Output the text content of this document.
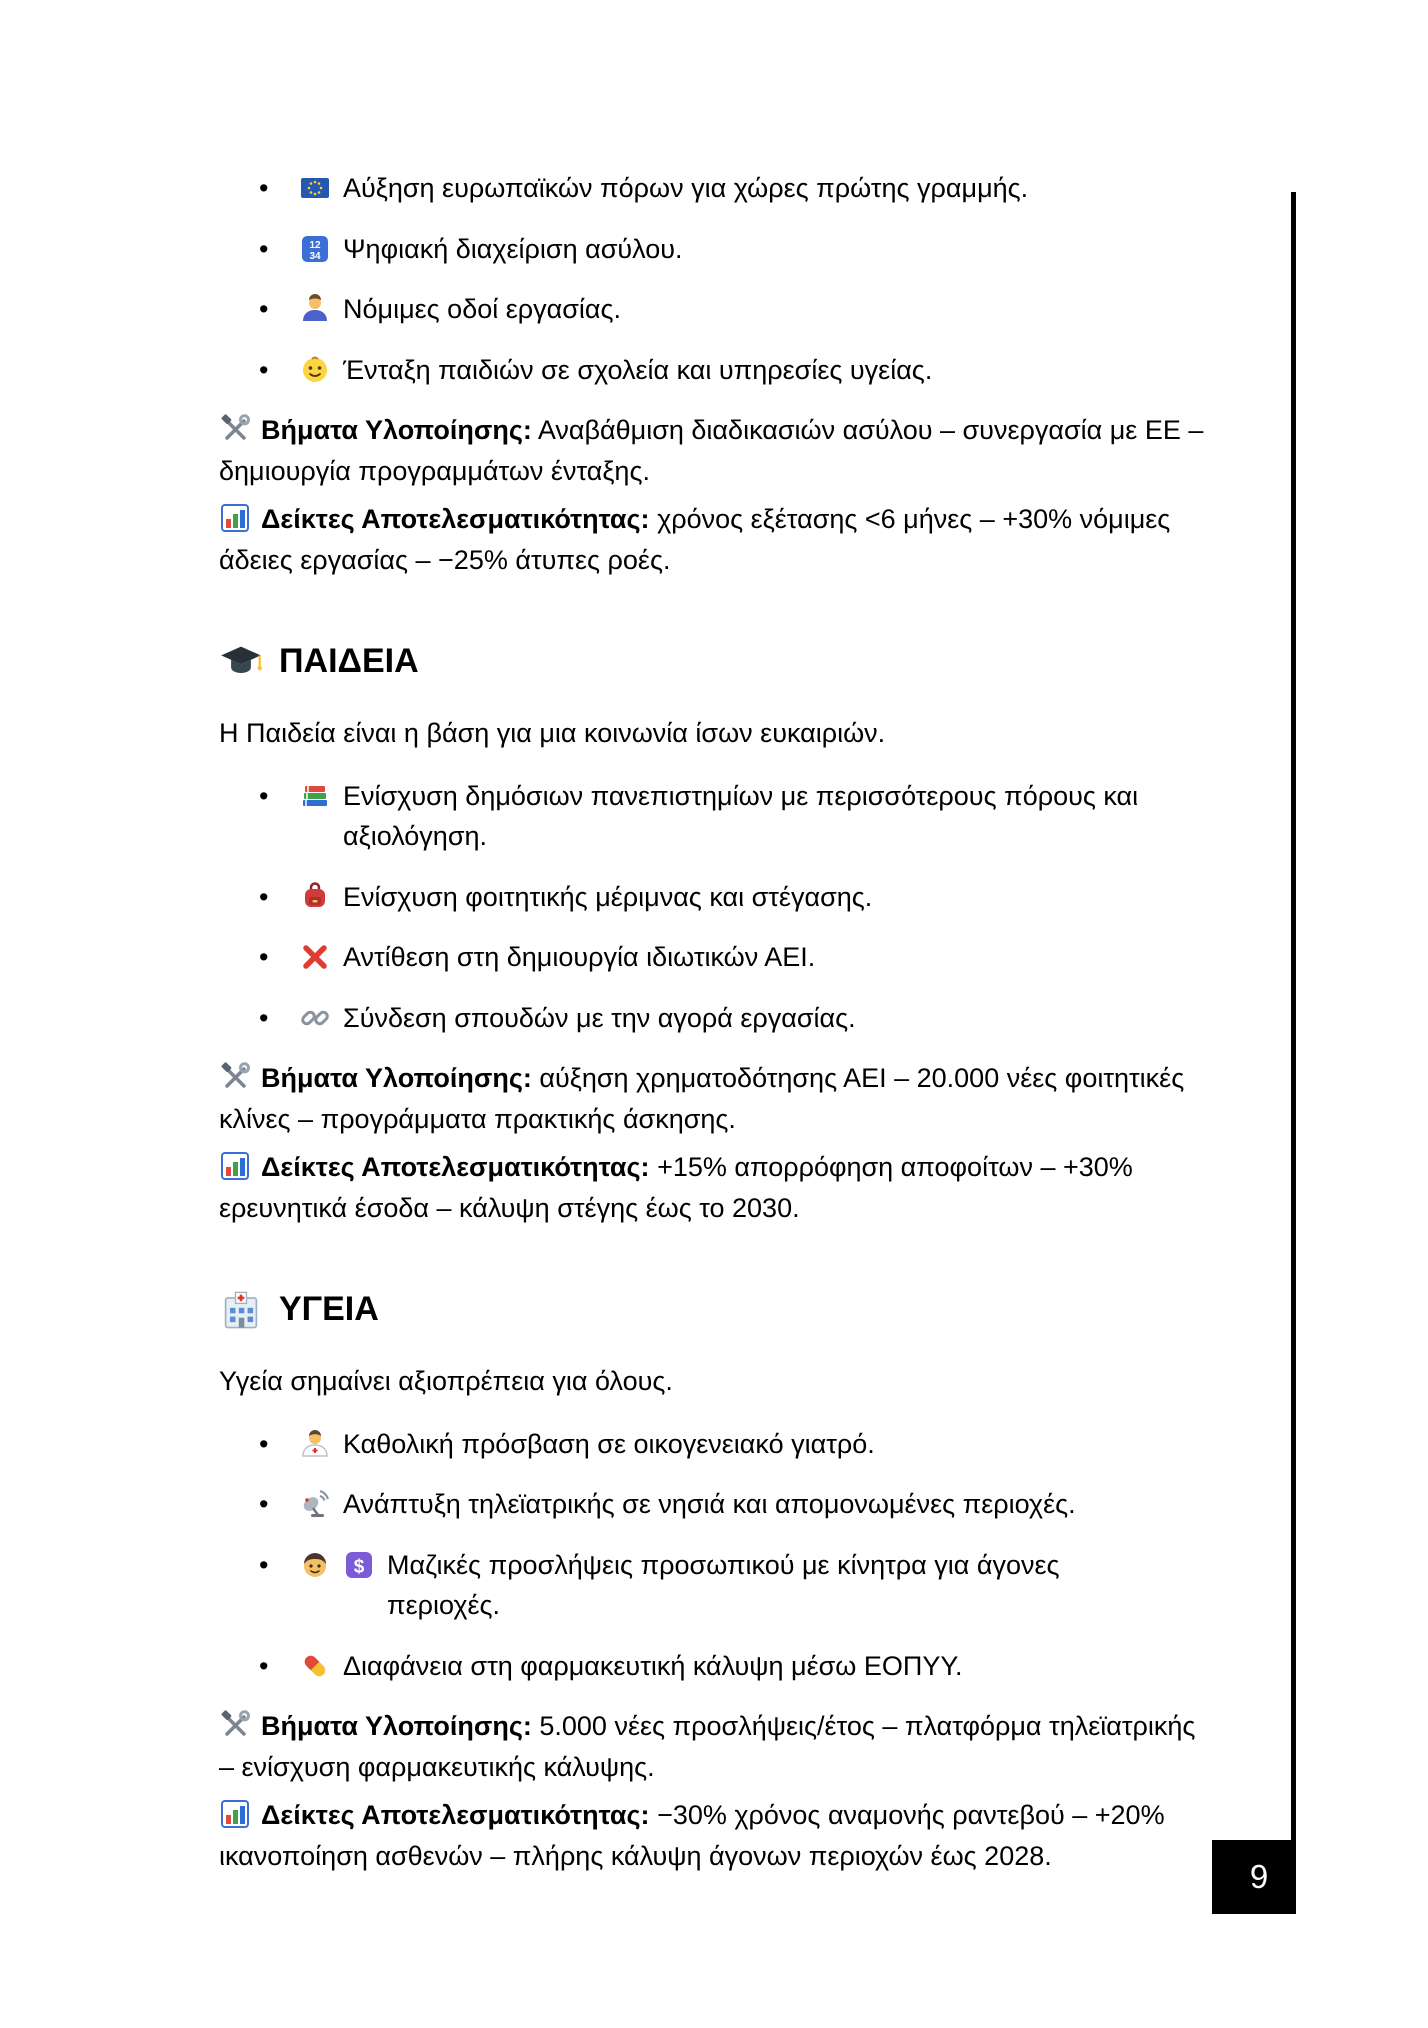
•
Αύξηση ευρωπαϊκών πόρων για χώρες πρώτης γραμμής.
•
12
34 Ψηφιακή διαχείριση ασύλου.
•
Νόμιμες οδοί εργασίας.
•
Ένταξη παιδιών σε σχολεία και υπηρεσίες υγείας.

Βήματα Υλοποίησης: Αναβάθμιση διαδικασιών ασύλου – συνεργασία με ΕΕ – δημιουργία προγραμμάτων ένταξης.

Δείκτες Αποτελεσματικότητας: χρόνος εξέτασης <6 μήνες – +30% νόμιμες άδειες εργασίας – −25% άτυπες ροές.

ΠΑΙΔΕΙΑ

Η Παιδεία είναι η βάση για μια κοινωνία ίσων ευκαιριών.

•
Ενίσχυση δημόσιων πανεπιστημίων με περισσότερους πόρους και αξιολόγηση.
•
Ενίσχυση φοιτητικής μέριμνας και στέγασης.
•
Αντίθεση στη δημιουργία ιδιωτικών ΑΕΙ.
•
Σύνδεση σπουδών με την αγορά εργασίας.

Βήματα Υλοποίησης: αύξηση χρηματοδότησης ΑΕΙ – 20.000 νέες φοιτητικές κλίνες – προγράμματα πρακτικής άσκησης.

Δείκτες Αποτελεσματικότητας: +15% απορρόφηση αποφοίτων – +30% ερευνητικά έσοδα – κάλυψη στέγης έως το 2030.

ΥΓΕΙΑ

Υγεία σημαίνει αξιοπρέπεια για όλους.

•
Καθολική πρόσβαση σε οικογενειακό γιατρό.
•
Ανάπτυξη τηλεϊατρικής σε νησιά και απομονωμένες περιοχές.
•
$ Μαζικές προσλήψεις προσωπικού με κίνητρα για άγονες περιοχές.
•
Διαφάνεια στη φαρμακευτική κάλυψη μέσω ΕΟΠΥΥ.

Βήματα Υλοποίησης: 5.000 νέες προσλήψεις/έτος – πλατφόρμα τηλεϊατρικής – ενίσχυση φαρμακευτικής κάλυψης.

Δείκτες Αποτελεσματικότητας: −30% χρόνος αναμονής ραντεβού – +20% ικανοποίηση ασθενών – πλήρης κάλυψη άγονων περιοχών έως 2028.

9
